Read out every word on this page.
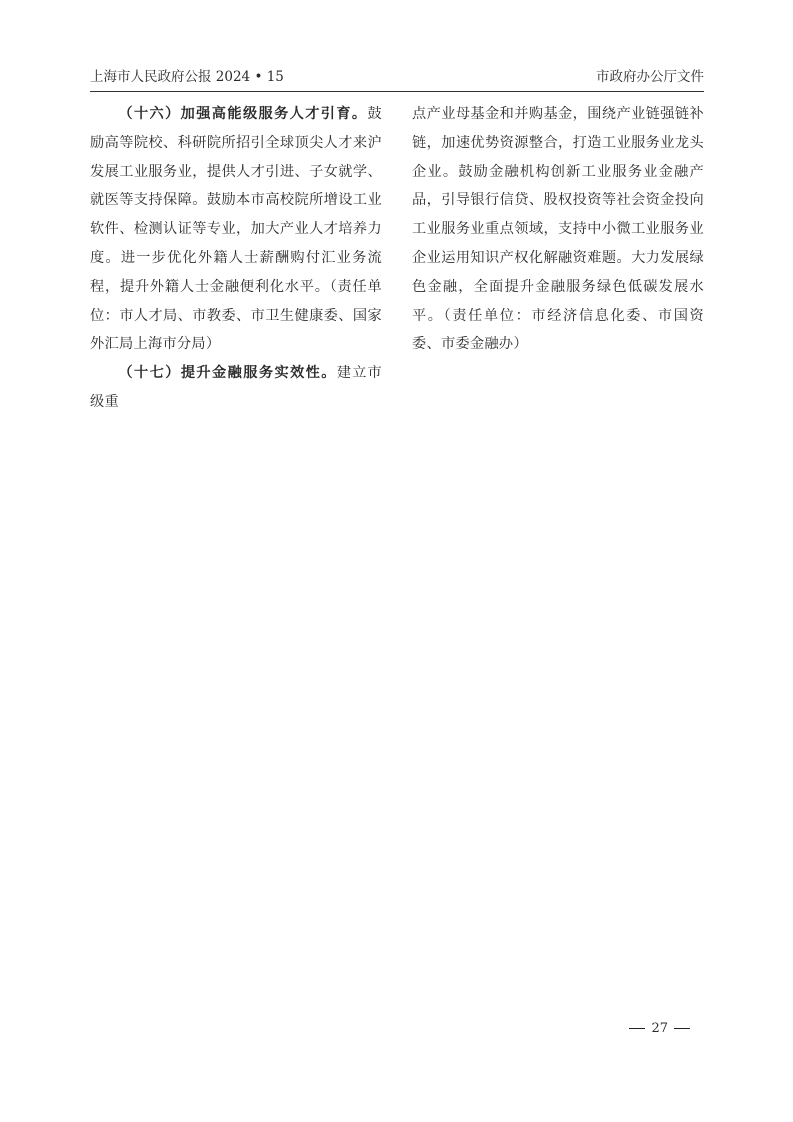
上海市人民政府公报 2024 • 15	市政府办公厅文件

（十六）加强高能级服务人才引育。鼓励高等院校、科研院所招引全球顶尖人才来沪发展工业服务业，提供人才引进、子女就学、就医等支持保障。鼓励本市高校院所增设工业软件、检测认证等专业，加大产业人才培养力度。进一步优化外籍人士薪酬购付汇业务流程，提升外籍人士金融便利化水平。（责任单位：市人才局、市教委、市卫生健康委、国家外汇局上海市分局）

（十七）提升金融服务实效性。建立市级重

点产业母基金和并购基金，围绕产业链强链补链，加速优势资源整合，打造工业服务业龙头企业。鼓励金融机构创新工业服务业金融产品，引导银行信贷、股权投资等社会资金投向工业服务业重点领域，支持中小微工业服务业企业运用知识产权化解融资难题。大力发展绿色金融，全面提升金融服务绿色低碳发展水平。（责任单位：市经济信息化委、市国资委、市委金融办）

27
